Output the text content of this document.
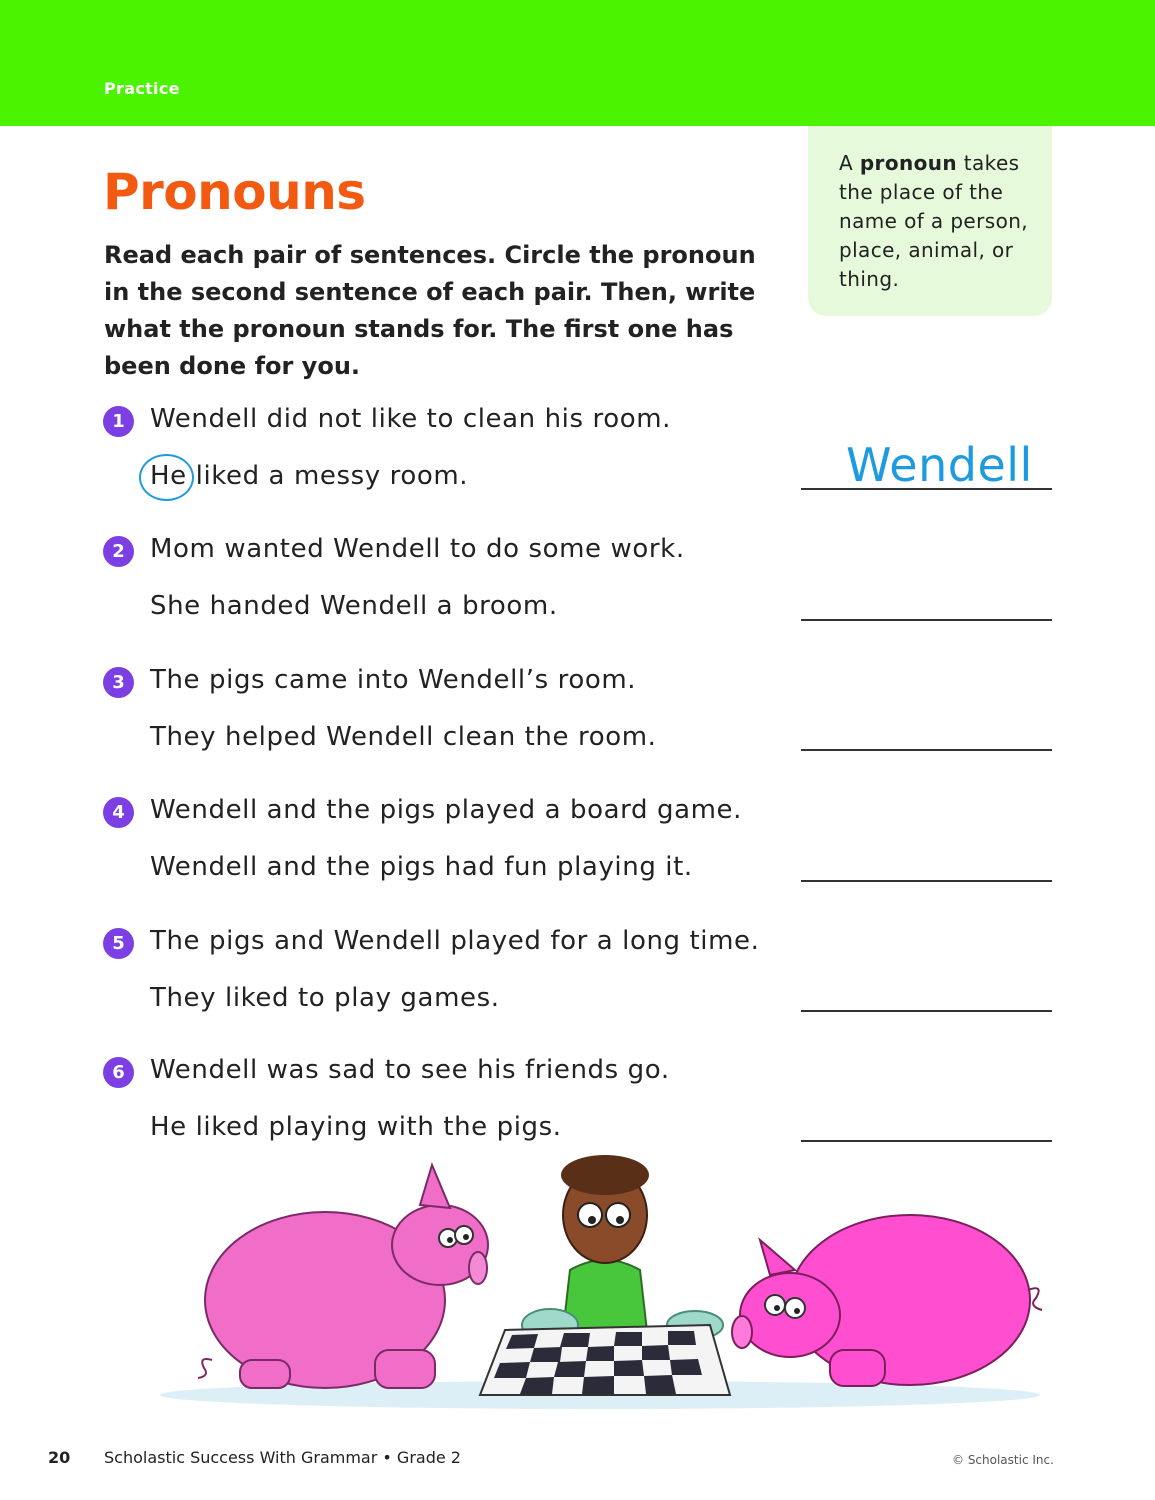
Practice
Pronouns

Read each pair of sentences. Circle the pronoun in the second sentence of each pair. Then, write what the pronoun stands for. The first one has been done for you.

A pronoun takes the place of the name of a person, place, animal, or thing.
1 Wendell did not like to clean his room.
He liked a messy room.	Wendell
2 Mom wanted Wendell to do some work.
She handed Wendell a broom.
3 The pigs came into Wendell’s room.
They helped Wendell clean the room.
4 Wendell and the pigs played a board game.
Wendell and the pigs had fun playing it.
5 The pigs and Wendell played for a long time.
They liked to play games.
6 Wendell was sad to see his friends go.
He liked playing with the pigs.
20 Scholastic Success With Grammar • Grade 2	© Scholastic Inc.
